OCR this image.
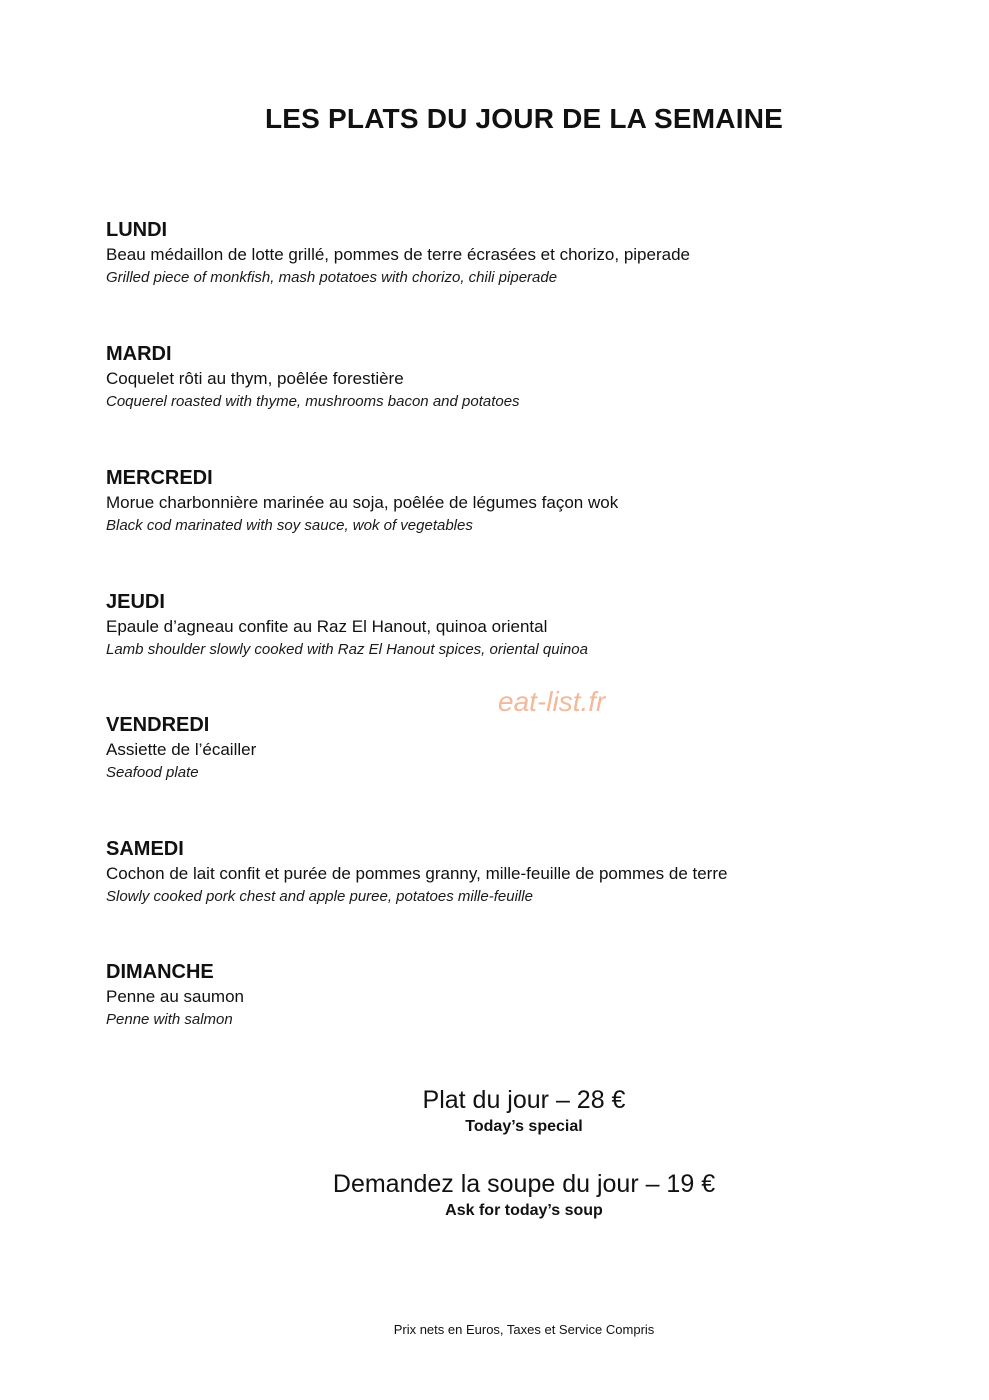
LES PLATS DU JOUR DE LA SEMAINE

LUNDI

Beau médaillon de lotte grillé, pommes de terre écrasées et chorizo, piperade

Grilled piece of monkfish, mash potatoes with chorizo, chili piperade

MARDI

Coquelet rôti au thym, poêlée forestière

Coquerel roasted with thyme, mushrooms bacon and potatoes

MERCREDI

Morue charbonnière marinée au soja, poêlée de légumes façon wok

Black cod marinated with soy sauce, wok of vegetables

JEUDI

Epaule d’agneau confite au Raz El Hanout, quinoa oriental

Lamb shoulder slowly cooked with Raz El Hanout spices, oriental quinoa

VENDREDI

Assiette de l’écailler

Seafood plate

SAMEDI

Cochon de lait confit et purée de pommes granny, mille-feuille de pommes de terre

Slowly cooked pork chest and apple puree, potatoes mille-feuille

DIMANCHE

Penne au saumon

Penne with salmon

eat-list.fr

Plat du jour – 28 €

Today’s special

Demandez la soupe du jour – 19 €

Ask for today’s soup

Prix nets en Euros, Taxes et Service Compris
